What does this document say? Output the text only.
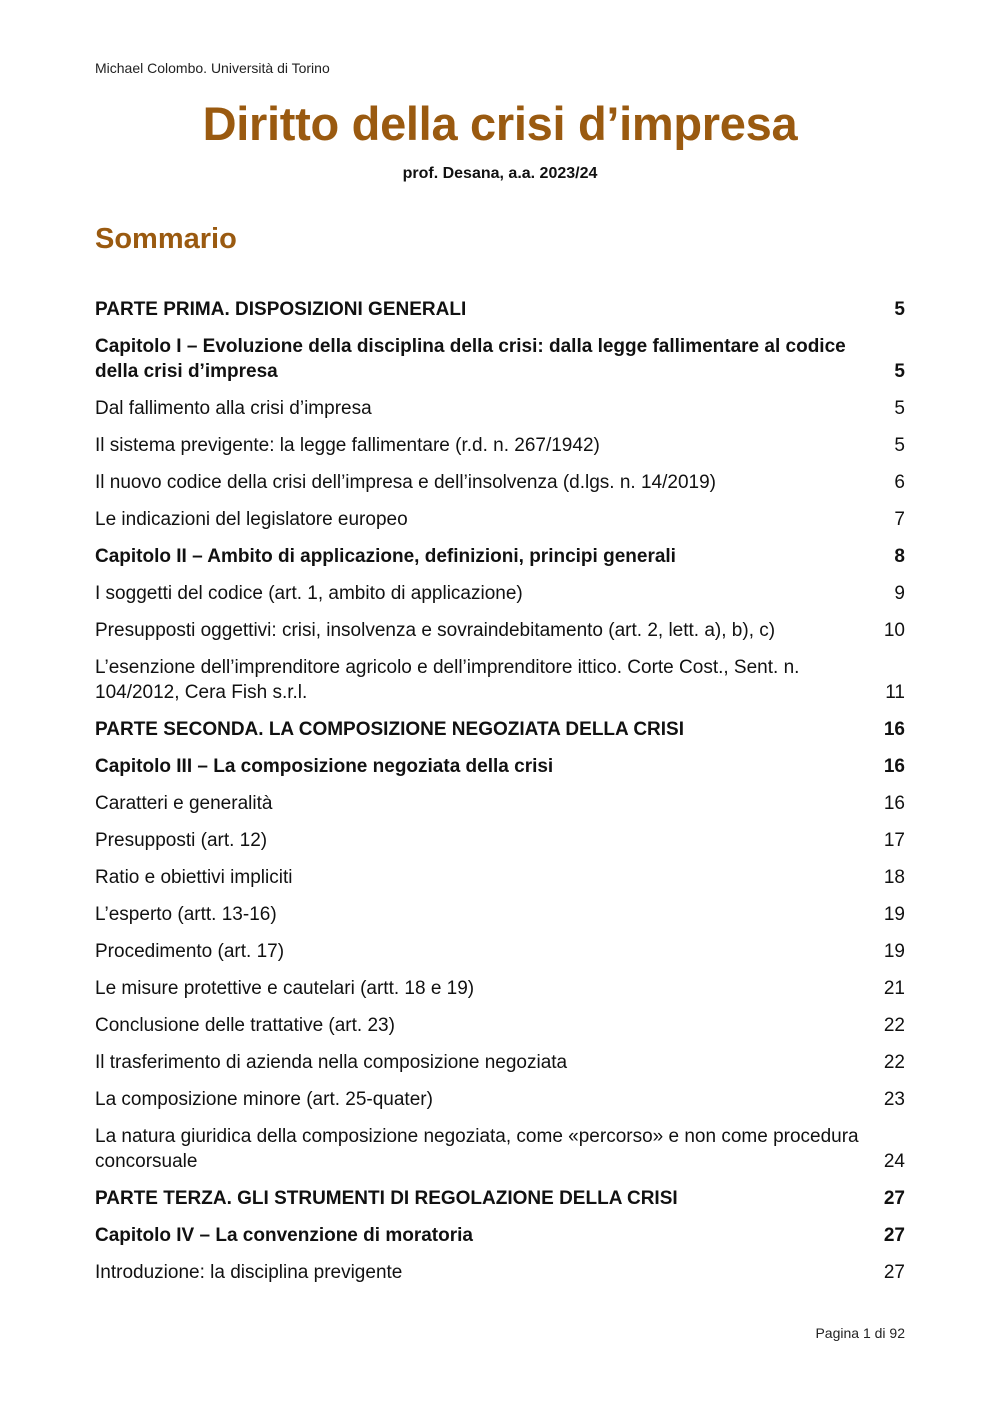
Michael Colombo. Università di Torino
Diritto della crisi d’impresa
prof. Desana, a.a. 2023/24
Sommario
PARTE PRIMA. DISPOSIZIONI GENERALI	5
Capitolo I – Evoluzione della disciplina della crisi: dalla legge fallimentare al codice della crisi d’impresa	5
Dal fallimento alla crisi d’impresa	5
Il sistema previgente: la legge fallimentare (r.d. n. 267/1942)	5
Il nuovo codice della crisi dell’impresa e dell’insolvenza (d.lgs. n. 14/2019)	6
Le indicazioni del legislatore europeo	7
Capitolo II – Ambito di applicazione, definizioni, principi generali	8
I soggetti del codice (art. 1, ambito di applicazione)	9
Presupposti oggettivi: crisi, insolvenza e sovraindebitamento (art. 2, lett. a), b), c)	10
L’esenzione dell’imprenditore agricolo e dell’imprenditore ittico. Corte Cost., Sent. n. 104/2012, Cera Fish s.r.l.	11
PARTE SECONDA. LA COMPOSIZIONE NEGOZIATA DELLA CRISI	16
Capitolo III – La composizione negoziata della crisi	16
Caratteri e generalità	16
Presupposti (art. 12)	17
Ratio e obiettivi impliciti	18
L’esperto (artt. 13-16)	19
Procedimento (art. 17)	19
Le misure protettive e cautelari (artt. 18 e 19)	21
Conclusione delle trattative (art. 23)	22
Il trasferimento di azienda nella composizione negoziata	22
La composizione minore (art. 25-quater)	23
La natura giuridica della composizione negoziata, come «percorso» e non come procedura concorsuale	24
PARTE TERZA. GLI STRUMENTI DI REGOLAZIONE DELLA CRISI	27
Capitolo IV – La convenzione di moratoria	27
Introduzione: la disciplina previgente	27
Pagina 1 di 92
